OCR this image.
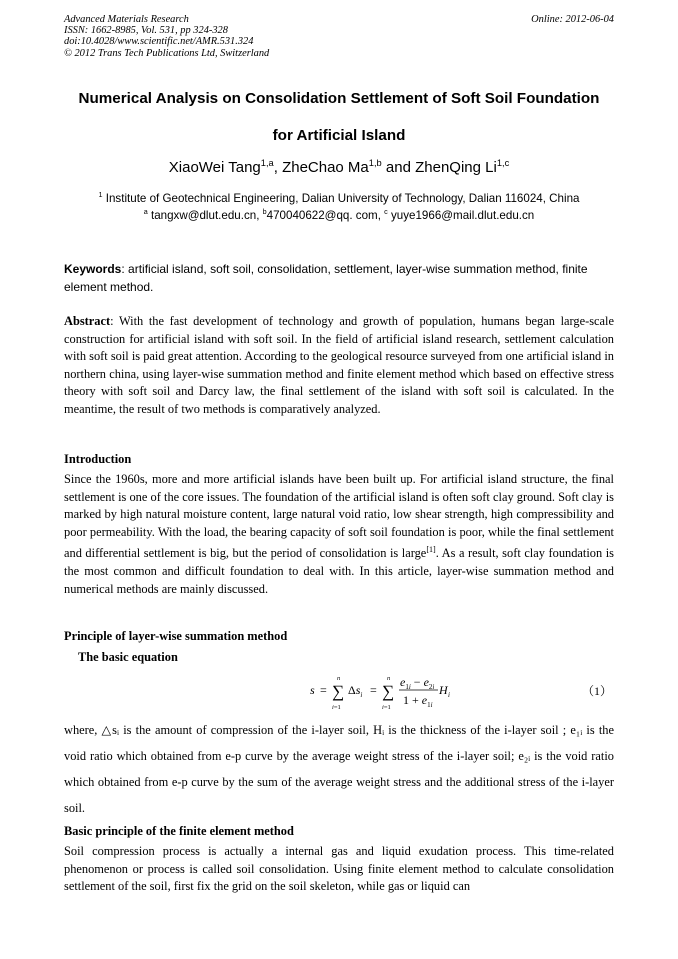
Advanced Materials Research
ISSN: 1662-8985, Vol. 531, pp 324-328
doi:10.4028/www.scientific.net/AMR.531.324
© 2012 Trans Tech Publications Ltd, Switzerland
Online: 2012-06-04
Numerical Analysis on Consolidation Settlement of Soft Soil Foundation
for Artificial Island
XiaoWei Tang$^{1,a}$, ZheChao Ma$^{1,b}$ and ZhenQing Li$^{1,c}$
$^1$ Institute of Geotechnical Engineering, Dalian University of Technology, Dalian 116024, China
$^a$ tangxw@dlut.edu.cn, $^b$470040622@qq. com, $^c$ yuye1966@mail.dlut.edu.cn
Keywords: artificial island, soft soil, consolidation, settlement, layer-wise summation method, finite element method.
Abstract: With the fast development of technology and growth of population, humans began large-scale construction for artificial island with soft soil. In the field of artificial island research, settlement calculation with soft soil is paid great attention. According to the geological resource surveyed from one artificial island in northern china, using layer-wise summation method and finite element method which based on effective stress theory with soft soil and Darcy law, the final settlement of the island with soft soil is calculated. In the meantime, the result of two methods is comparatively analyzed.
Introduction
Since the 1960s, more and more artificial islands have been built up. For artificial island structure, the final settlement is one of the core issues. The foundation of the artificial island is often soft clay ground. Soft clay is marked by high natural moisture content, large natural void ratio, low shear strength, high compressibility and poor permeability. With the load, the bearing capacity of soft soil foundation is poor, while the final settlement and differential settlement is big, but the period of consolidation is large[1]. As a result, soft clay foundation is the most common and difficult foundation to deal with. In this article, layer-wise summation method and numerical methods are mainly discussed.
Principle of layer-wise summation method
The basic equation
s = ∑
n
i=1
$\Delta s_i$ = ∑
n
i=1
$e_1i - e_2i$
$1 + e_1i$
H i	（1）
where, △sᵢ is the amount of compression of the i-layer soil, Hᵢ is the thickness of the i-layer soil ; e₁ᵢ is the void ratio which obtained from e-p curve by the average weight stress of the i-layer soil; e₂ᵢ is the void ratio which obtained from e-p curve by the sum of the average weight stress and the additional stress of the i-layer soil.
Basic principle of the finite element method
Soil compression process is actually a internal gas and liquid exudation process. This time-related phenomenon or process is called soil consolidation. Using finite element method to calculate consolidation settlement of the soil, first fix the grid on the soil skeleton, while gas or liquid can
